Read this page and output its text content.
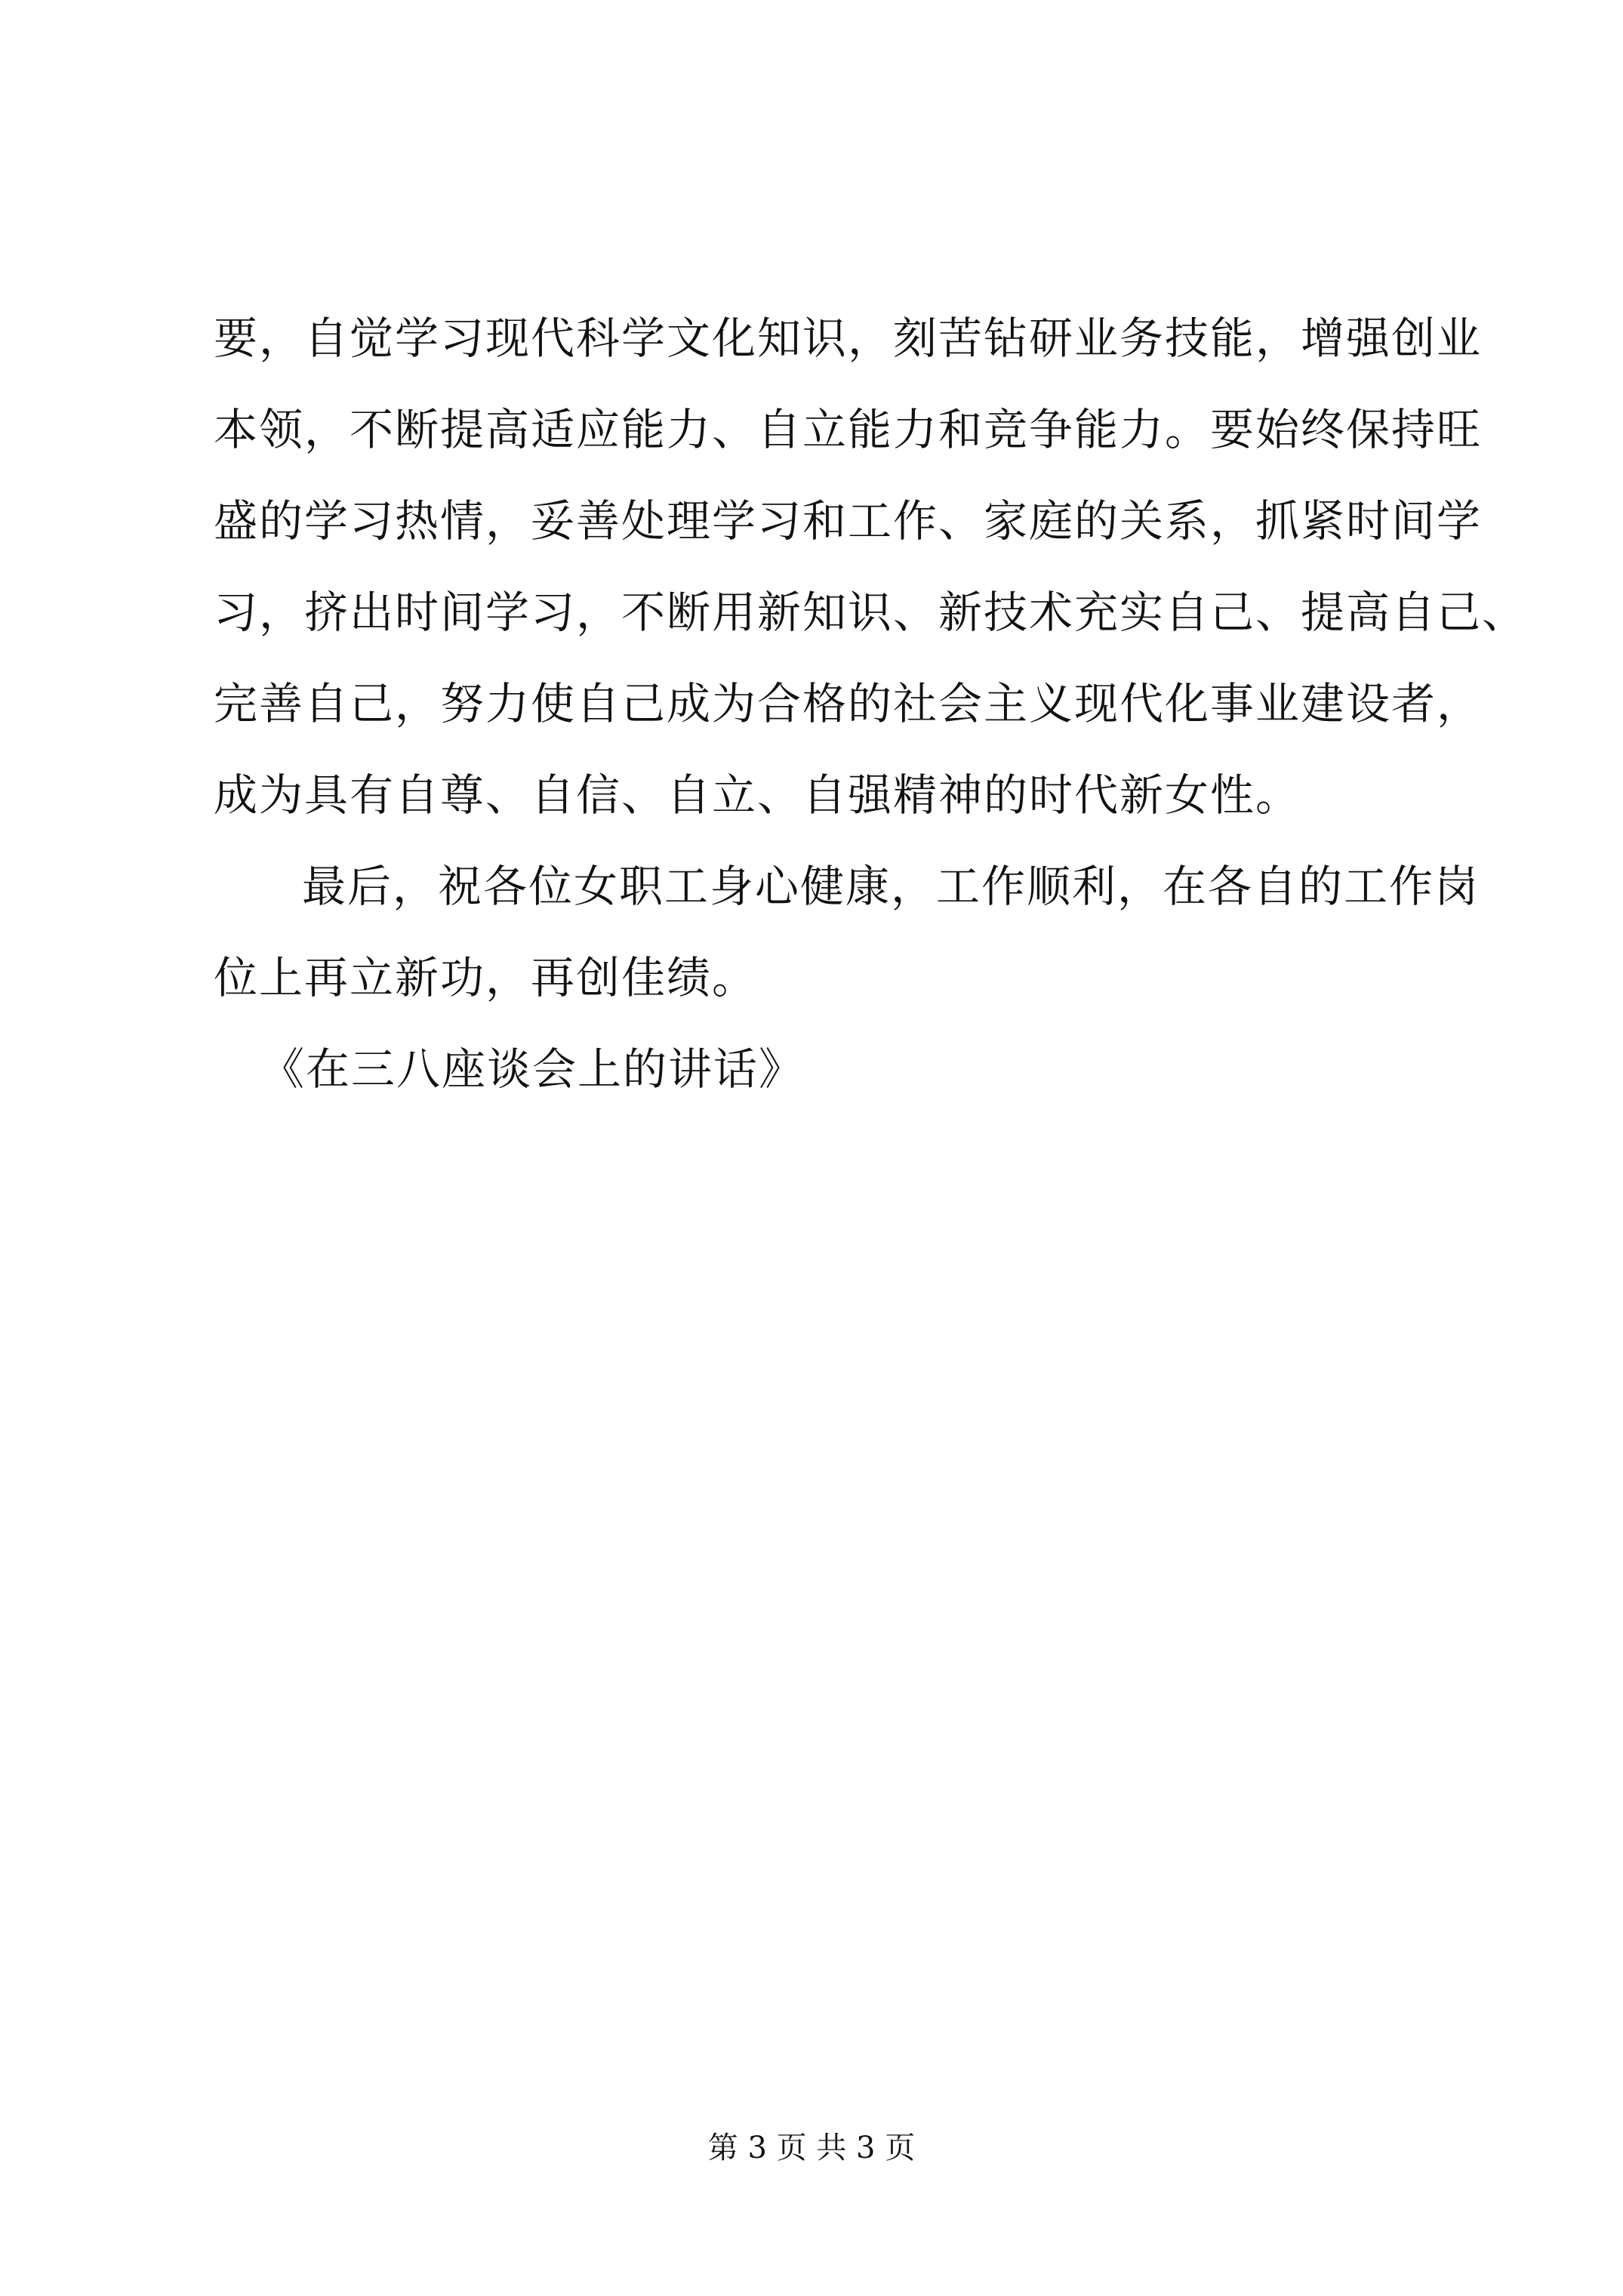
要，自觉学习现代科学文化知识，刻苦钻研业务技能，增强创业
本领，不断提高适应能力、自立能力和竞争能力。要始终保持旺
盛的学习热情，妥善处理学习和工作、家庭的关系，抓紧时间学
习，挤出时间学习，不断用新知识、新技术充实自己、提高自己、
完善自己，努力使自己成为合格的社会主义现代化事业建设者，
成为具有自尊、自信、自立、自强精神的时代新女性。
最后，祝各位女职工身心健康，工作顺利，在各自的工作岗
位上再立新功，再创佳绩。
《在三八座谈会上的讲话》
第 3 页 共 3 页
